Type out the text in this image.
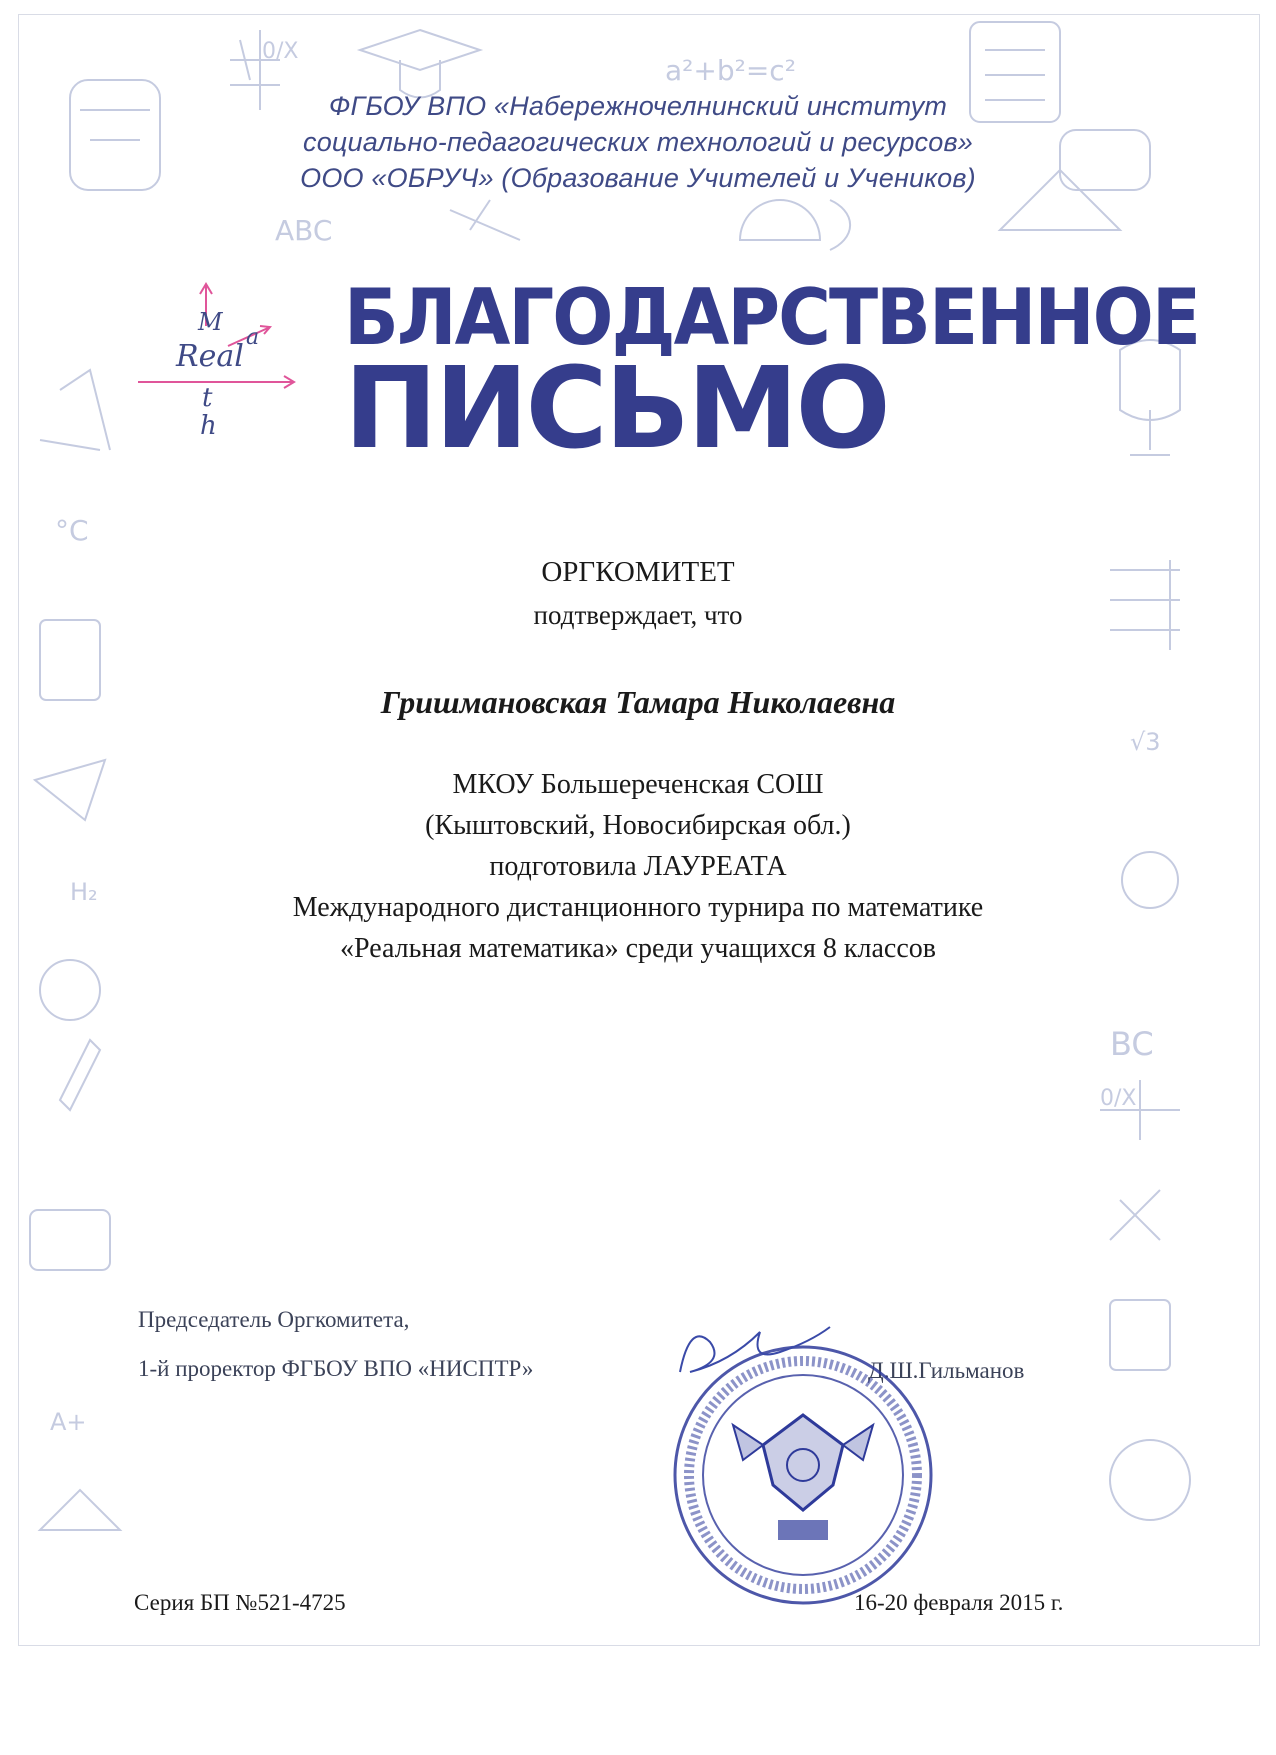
0/X
a²+b²=c²
ABC
°C
H₂
A+
√3
BC
0/X
ФГБОУ ВПО «Набережночелнинский институт
социально-педагогических технологий и ресурсов»
ООО «ОБРУЧ» (Образование Учителей и Учеников)
Real
M
a
t
h
БЛАГОДАРСТВЕННОЕ
ПИСЬМО
ОРГКОМИТЕТ
подтверждает, что
Гришмановская Тамара Николаевна
МКОУ Большереченская СОШ
(Кыштовский, Новосибирская обл.)
подготовила ЛАУРЕАТА
Международного дистанционного турнира по математике
«Реальная математика» среди учащихся 8 классов
Председатель Оргкомитета,
1-й проректор ФГБОУ ВПО «НИСПТР»	Д.Ш.Гильманов
Серия БП №521-4725	16-20 февраля 2015 г.
